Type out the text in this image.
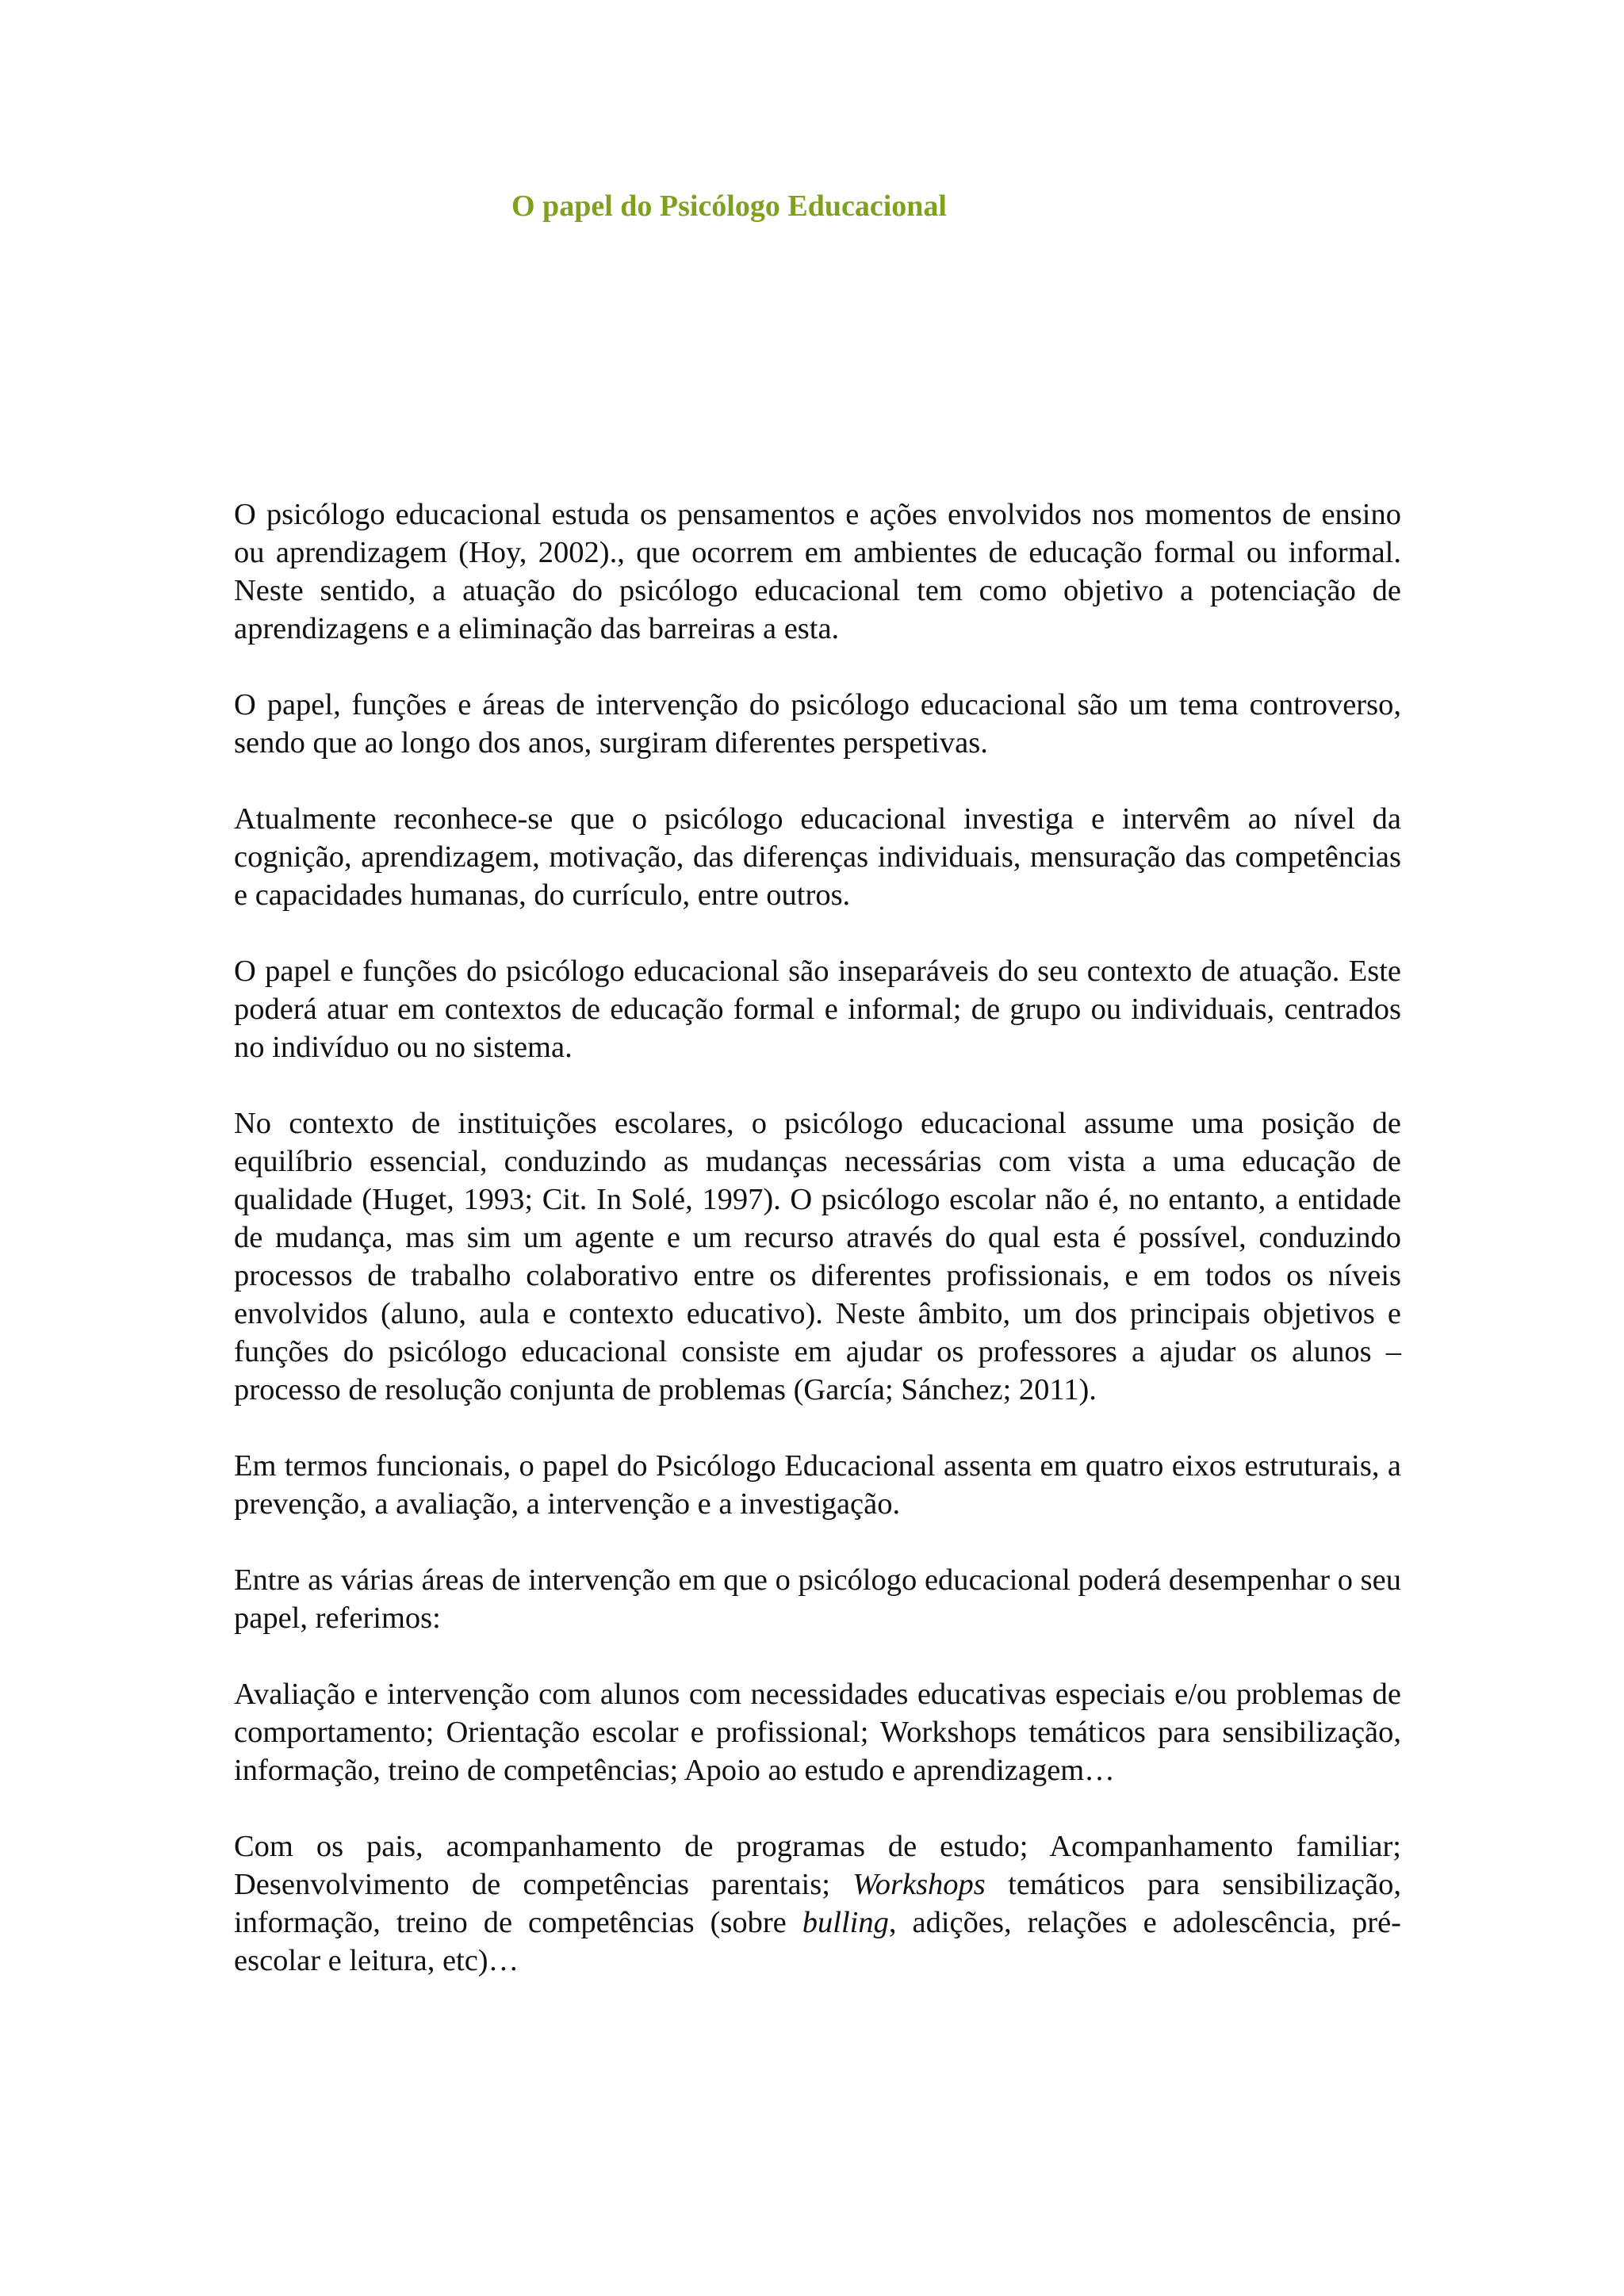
O papel do Psicólogo Educacional

O psicólogo educacional estuda os pensamentos e ações envolvidos nos momentos de ensino ou aprendizagem (Hoy, 2002)., que ocorrem em ambientes de educação formal ou informal. Neste sentido, a atuação do psicólogo educacional tem como objetivo a potenciação de aprendizagens e a eliminação das barreiras a esta.

O papel, funções e áreas de intervenção do psicólogo educacional são um tema controverso, sendo que ao longo dos anos, surgiram diferentes perspetivas.

Atualmente reconhece-se que o psicólogo educacional investiga e intervêm ao nível da cognição, aprendizagem, motivação, das diferenças individuais, mensuração das competências e capacidades humanas, do currículo, entre outros.

O papel e funções do psicólogo educacional são inseparáveis do seu contexto de atuação. Este poderá atuar em contextos de educação formal e informal; de grupo ou individuais, centrados no indivíduo ou no sistema.

No contexto de instituições escolares, o psicólogo educacional assume uma posição de equilíbrio essencial, conduzindo as mudanças necessárias com vista a uma educação de qualidade (Huget, 1993; Cit. In Solé, 1997). O psicólogo escolar não é, no entanto, a entidade de mudança, mas sim um agente e um recurso através do qual esta é possível, conduzindo processos de trabalho colaborativo entre os diferentes profissionais, e em todos os níveis envolvidos (aluno, aula e contexto educativo). Neste âmbito, um dos principais objetivos e funções do psicólogo educacional consiste em ajudar os professores a ajudar os alunos – processo de resolução conjunta de problemas (García; Sánchez; 2011).

Em termos funcionais, o papel do Psicólogo Educacional assenta em quatro eixos estruturais, a prevenção, a avaliação, a intervenção e a investigação.

Entre as várias áreas de intervenção em que o psicólogo educacional poderá desempenhar o seu papel, referimos:

Avaliação e intervenção com alunos com necessidades educativas especiais e/ou problemas de comportamento; Orientação escolar e profissional; Workshops temáticos para sensibilização, informação, treino de competências; Apoio ao estudo e aprendizagem…

Com os pais, acompanhamento de programas de estudo; Acompanhamento familiar; Desenvolvimento de competências parentais; Workshops temáticos para sensibilização, informação, treino de competências (sobre bulling, adições, relações e adolescência, pré-escolar e leitura, etc)…
